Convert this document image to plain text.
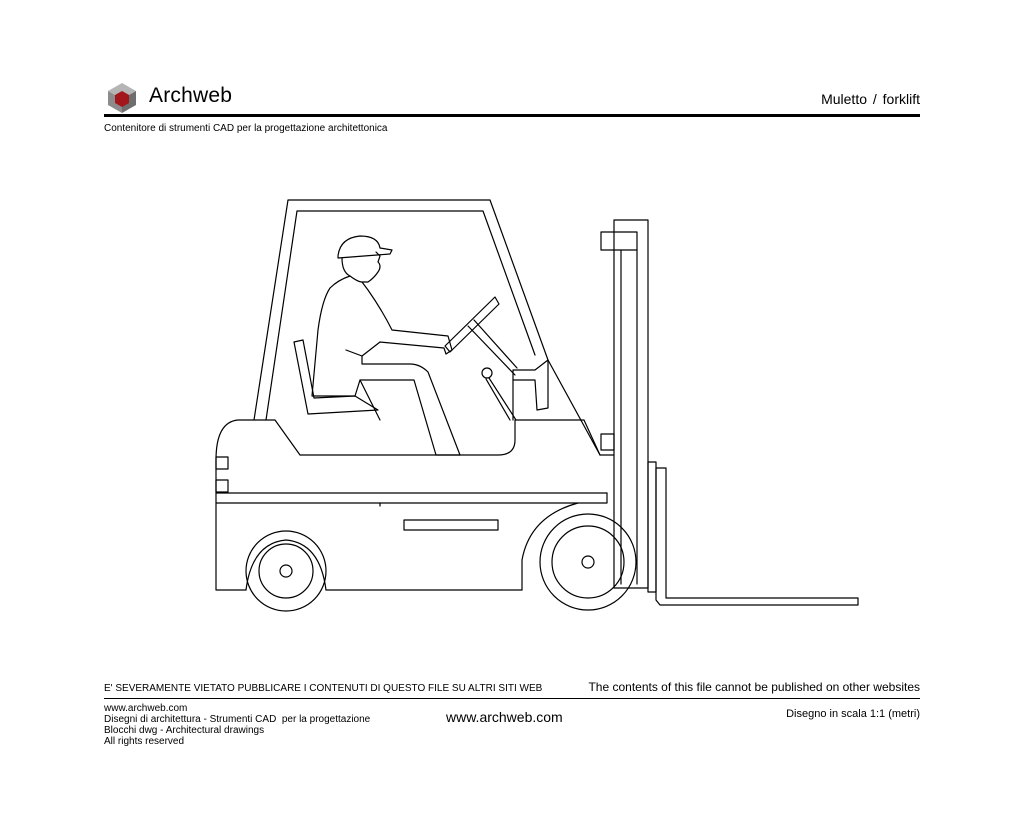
Archweb	Muletto / forklift
Contenitore di strumenti CAD per la progettazione architettonica
E' SEVERAMENTE VIETATO PUBBLICARE I CONTENUTI DI QUESTO FILE SU ALTRI SITI WEB	The contents of this file cannot be published on other websites
www.archweb.com
Disegni di architettura - Strumenti CAD  per la progettazione
Blocchi dwg - Architectural drawings
All rights reserved
www.archweb.com	Disegno in scala 1:1 (metri)
